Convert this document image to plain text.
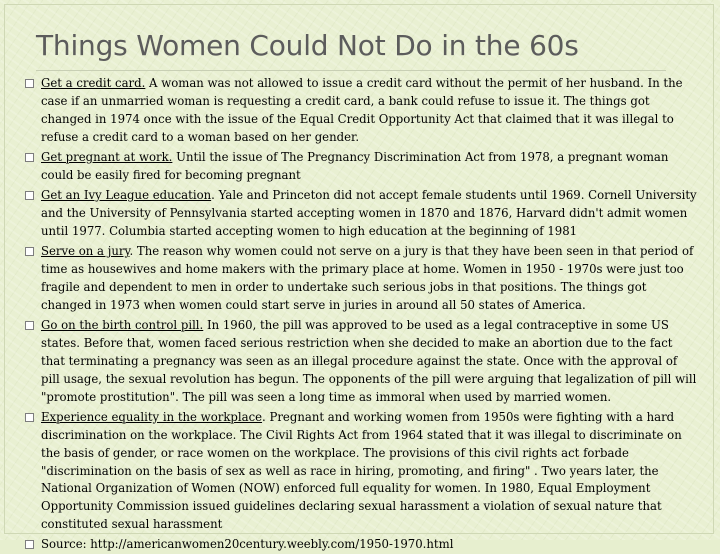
Things Women Could Not Do in the 60s
Get a credit card. A woman was not allowed to issue a credit card without the permit of her husband. In the case if an unmarried woman is requesting a credit card, a bank could refuse to issue it. The things got changed in 1974 once with the issue of the Equal Credit Opportunity Act that claimed that it was illegal to refuse a credit card to a woman based on her gender.
Get pregnant at work. Until the issue of The Pregnancy Discrimination Act from 1978, a pregnant woman could be easily fired for becoming pregnant
Get an Ivy League education. Yale and Princeton did not accept female students until 1969. Cornell University and the University of Pennsylvania started accepting women in 1870 and 1876, Harvard didn't admit women until 1977. Columbia started accepting women to high education at the beginning of 1981
Serve on a jury. The reason why women could not serve on a jury is that they have been seen in that period of time as housewives and home makers with the primary place at home. Women in 1950 - 1970s were just too fragile and dependent to men in order to undertake such serious jobs in that positions. The things got changed in 1973 when women could start serve in juries in around all 50 states of America.
Go on the birth control pill. In 1960, the pill was approved to be used as a legal contraceptive in some US states. Before that, women faced serious restriction when she decided to make an abortion due to the fact that terminating a pregnancy was seen as an illegal procedure against the state. Once with the approval of pill usage, the sexual revolution has begun. The opponents of the pill were arguing that legalization of pill will "promote prostitution". The pill was seen a long time as immoral when used by married women.
Experience equality in the workplace. Pregnant and working women from 1950s were fighting with a hard discrimination on the workplace. The Civil Rights Act from 1964 stated that it was illegal to discriminate on the basis of gender, or race women on the workplace. The provisions of this civil rights act forbade "discrimination on the basis of sex as well as race in hiring, promoting, and firing" . Two years later, the National Organization of Women (NOW) enforced full equality for women. In 1980, Equal Employment Opportunity Commission issued guidelines declaring sexual harassment a violation of sexual nature that constituted sexual harassment
Source: http://americanwomen20century.weebly.com/1950-1970.html
